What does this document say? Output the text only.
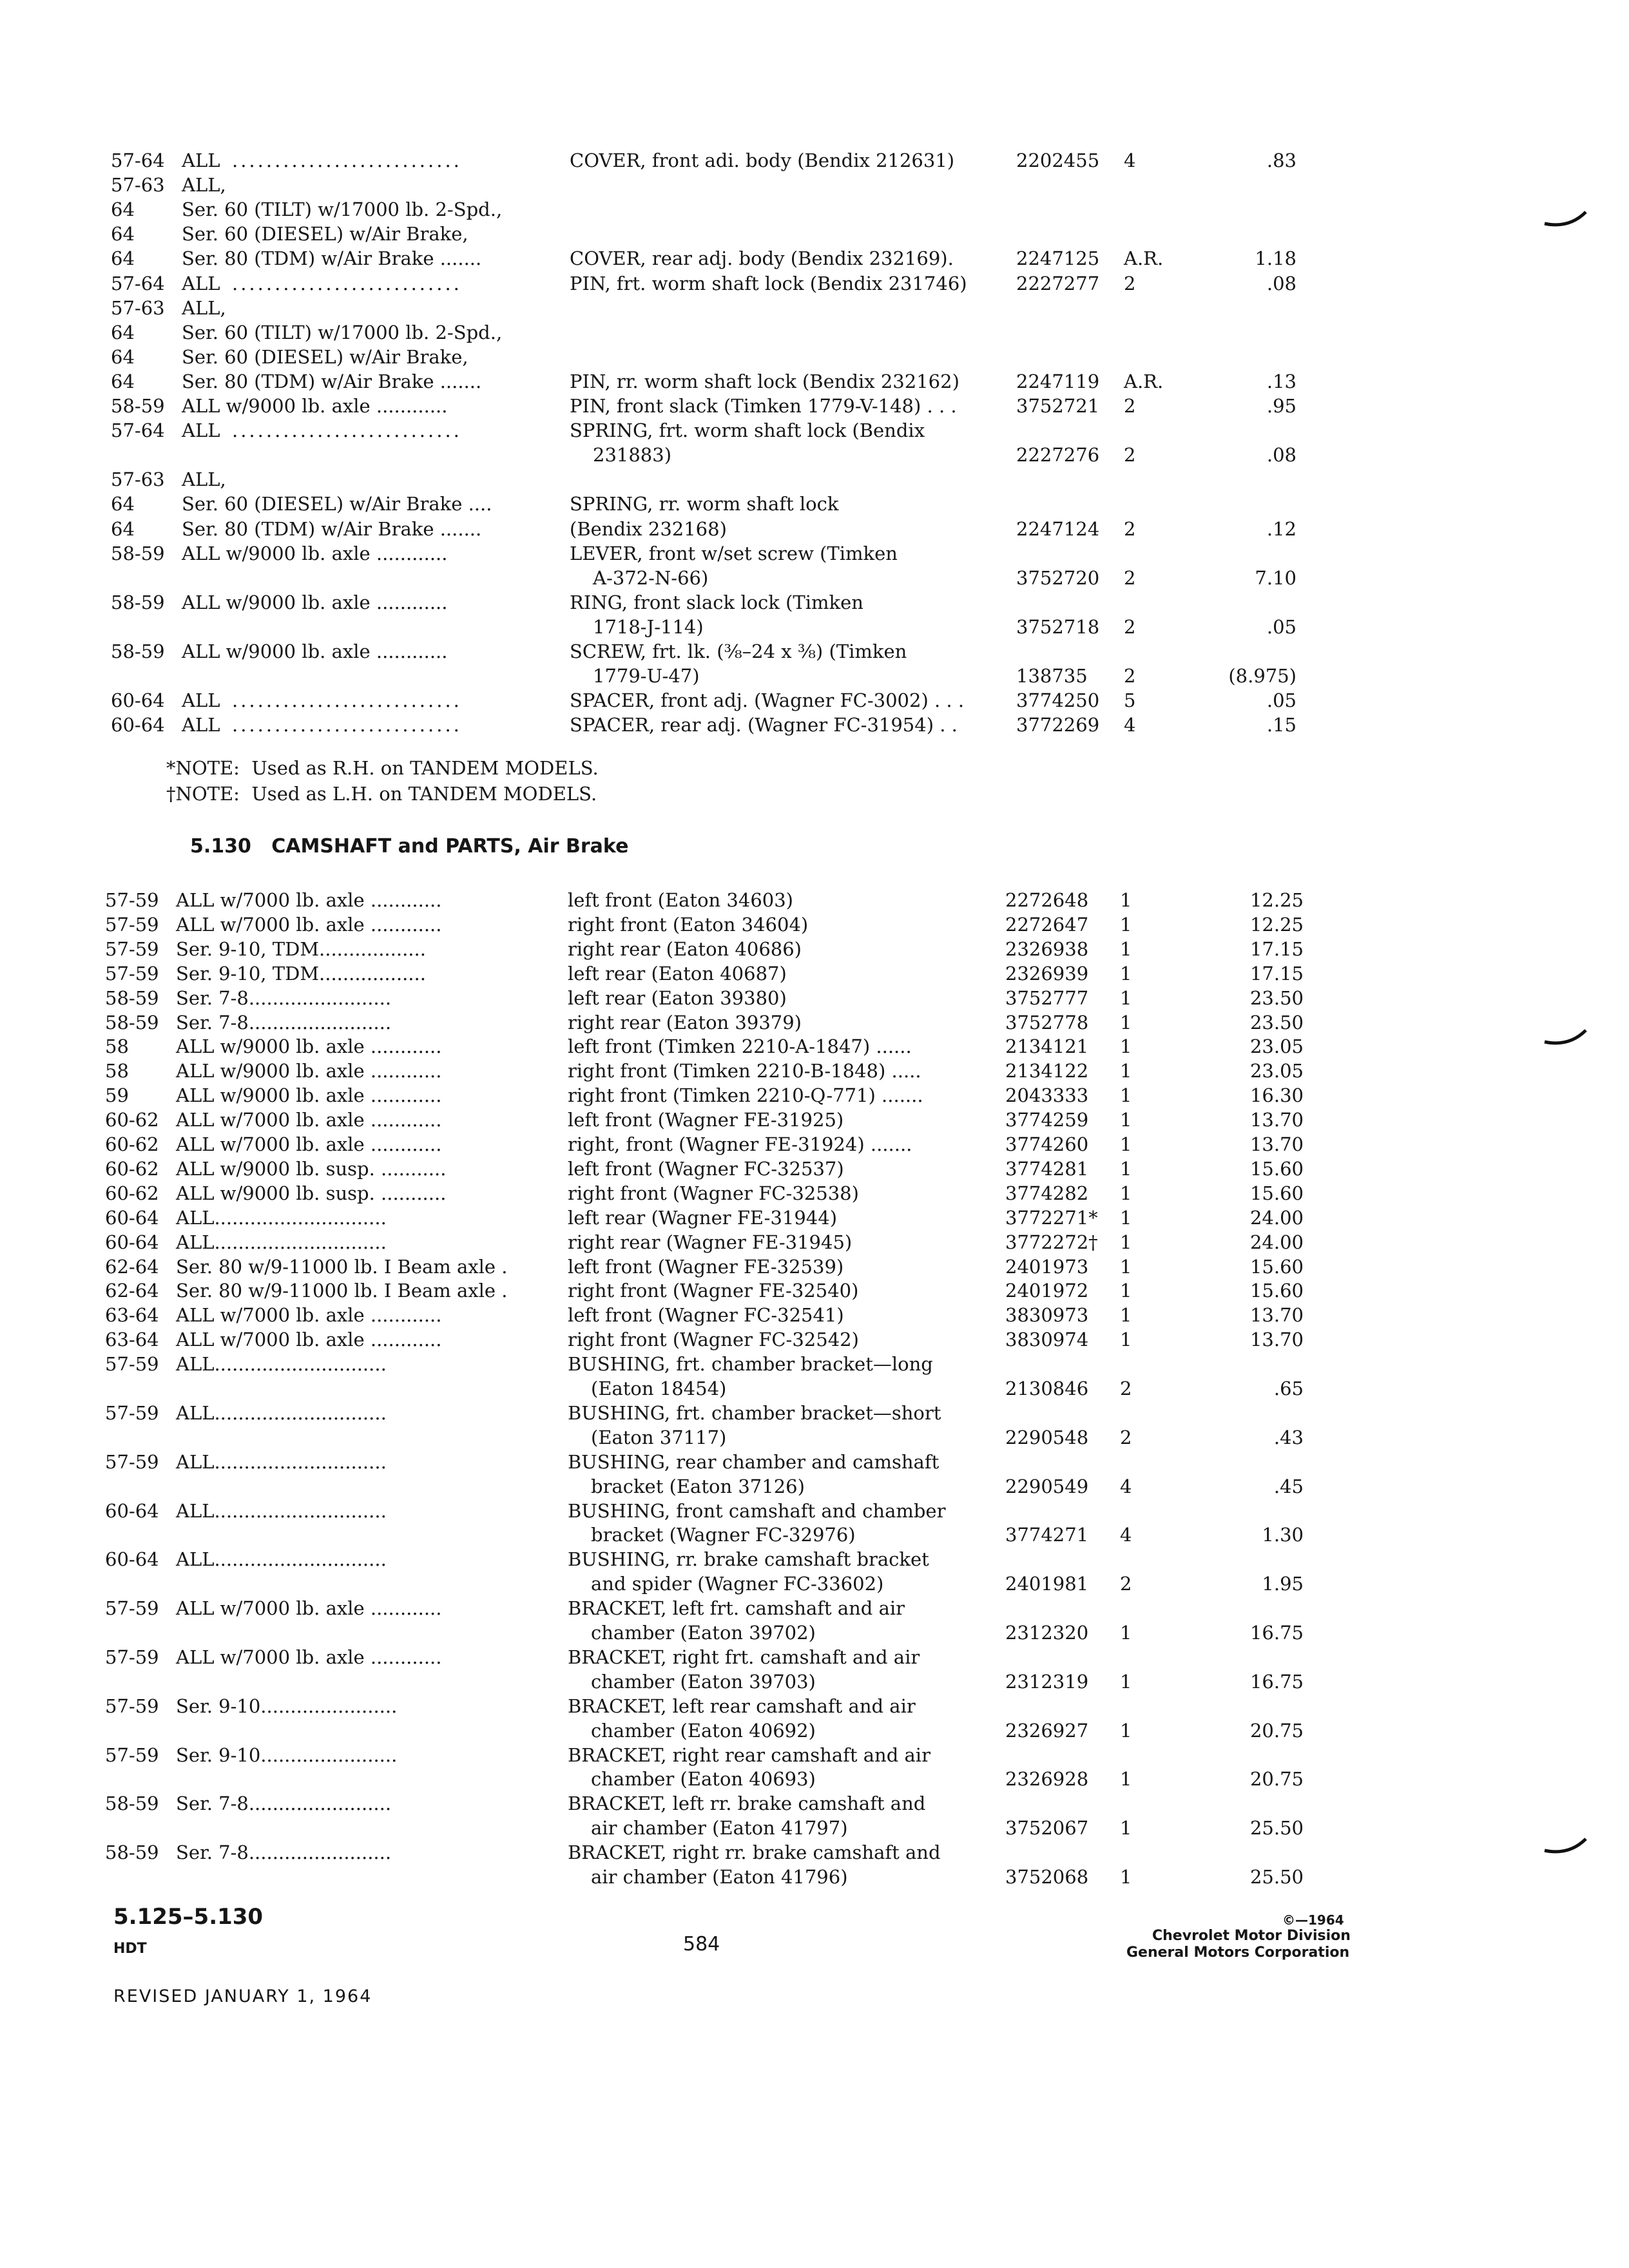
57-64 ALL ...........................	COVER, front adi. body (Bendix 212631)	2202455 4	.83
57-63 ALL,
64	Ser. 60 (TILT) w/17000 lb. 2-Spd.,
64	Ser. 60 (DIESEL) w/Air Brake,
64	Ser. 80 (TDM) w/Air Brake .......	COVER, rear adj. body (Bendix 232169).	2247125 A.R.	1.18
57-64 ALL ...........................	PIN, frt. worm shaft lock (Bendix 231746)	2227277 2	.08
57-63 ALL,
64	Ser. 60 (TILT) w/17000 lb. 2-Spd.,
64	Ser. 60 (DIESEL) w/Air Brake,
64	Ser. 80 (TDM) w/Air Brake .......	PIN, rr. worm shaft lock (Bendix 232162)	2247119 A.R.	.13
58-59 ALL w/9000 lb. axle ............	PIN, front slack (Timken 1779-V-148) . . .	3752721 2	.95
57-64 ALL ...........................	SPRING, frt. worm shaft lock (Bendix
231883)	2227276 2	.08
57-63 ALL,
64	Ser. 60 (DIESEL) w/Air Brake ....	SPRING, rr. worm shaft lock
64	Ser. 80 (TDM) w/Air Brake .......	(Bendix 232168)	2247124 2	.12
58-59 ALL w/9000 lb. axle ............	LEVER, front w/set screw (Timken
A-372-N-66)	3752720 2	7.10
58-59 ALL w/9000 lb. axle ............	RING, front slack lock (Timken
1718-J-114)	3752718 2	.05
58-59 ALL w/9000 lb. axle ............	SCREW, frt. lk. (⅜–24 x ⅜) (Timken
1779-U-47)	138735 2	(8.975)
60-64 ALL ...........................	SPACER, front adj. (Wagner FC-3002) . . .	3774250 5	.05
60-64 ALL ...........................	SPACER, rear adj. (Wagner FC-31954) . .	3772269 4	.15
*NOTE:  Used as R.H. on TANDEM MODELS.
†NOTE:  Used as L.H. on TANDEM MODELS.
5.130   CAMSHAFT and PARTS, Air Brake
57-59 ALL w/7000 lb. axle ............	left front (Eaton 34603)	2272648 1	12.25
57-59 ALL w/7000 lb. axle ............	right front (Eaton 34604)	2272647 1	12.25
57-59 Ser. 9-10, TDM..................	right rear (Eaton 40686)	2326938 1	17.15
57-59 Ser. 9-10, TDM..................	left rear (Eaton 40687)	2326939 1	17.15
58-59 Ser. 7-8........................	left rear (Eaton 39380)	3752777 1	23.50
58-59 Ser. 7-8........................	right rear (Eaton 39379)	3752778 1	23.50
58	ALL w/9000 lb. axle ............	left front (Timken 2210-A-1847) ......	2134121 1	23.05
58	ALL w/9000 lb. axle ............	right front (Timken 2210-B-1848) .....	2134122 1	23.05
59	ALL w/9000 lb. axle ............	right front (Timken 2210-Q-771) .......	2043333 1	16.30
60-62 ALL w/7000 lb. axle ............	left front (Wagner FE-31925)	3774259 1	13.70
60-62 ALL w/7000 lb. axle ............	right, front (Wagner FE-31924) .......	3774260 1	13.70
60-62 ALL w/9000 lb. susp. ...........	left front (Wagner FC-32537)	3774281 1	15.60
60-62 ALL w/9000 lb. susp. ...........	right front (Wagner FC-32538)	3774282 1	15.60
60-64 ALL.............................	left rear (Wagner FE-31944)	3772271* 1	24.00
60-64 ALL.............................	right rear (Wagner FE-31945)	3772272† 1	24.00
62-64 Ser. 80 w/9-11000 lb. I Beam axle .	left front (Wagner FE-32539)	2401973 1	15.60
62-64 Ser. 80 w/9-11000 lb. I Beam axle .	right front (Wagner FE-32540)	2401972 1	15.60
63-64 ALL w/7000 lb. axle ............	left front (Wagner FC-32541)	3830973 1	13.70
63-64 ALL w/7000 lb. axle ............	right front (Wagner FC-32542)	3830974 1	13.70
57-59 ALL.............................	BUSHING, frt. chamber bracket—long
(Eaton 18454)	2130846 2	.65
57-59 ALL.............................	BUSHING, frt. chamber bracket—short
(Eaton 37117)	2290548 2	.43
57-59 ALL.............................	BUSHING, rear chamber and camshaft
bracket (Eaton 37126)	2290549 4	.45
60-64 ALL.............................	BUSHING, front camshaft and chamber
bracket (Wagner FC-32976)	3774271 4	1.30
60-64 ALL.............................	BUSHING, rr. brake camshaft bracket
and spider (Wagner FC-33602)	2401981 2	1.95
57-59 ALL w/7000 lb. axle ............	BRACKET, left frt. camshaft and air
chamber (Eaton 39702)	2312320 1	16.75
57-59 ALL w/7000 lb. axle ............	BRACKET, right frt. camshaft and air
chamber (Eaton 39703)	2312319 1	16.75
57-59 Ser. 9-10.......................	BRACKET, left rear camshaft and air
chamber (Eaton 40692)	2326927 1	20.75
57-59 Ser. 9-10.......................	BRACKET, right rear camshaft and air
chamber (Eaton 40693)	2326928 1	20.75
58-59 Ser. 7-8........................	BRACKET, left rr. brake camshaft and
air chamber (Eaton 41797)	3752067 1	25.50
58-59 Ser. 7-8........................	BRACKET, right rr. brake camshaft and
air chamber (Eaton 41796)	3752068 1	25.50
5.125–5.130
HDT	584
©—1964
Chevrolet Motor Division
General Motors Corporation
REVISED JANUARY 1, 1964
